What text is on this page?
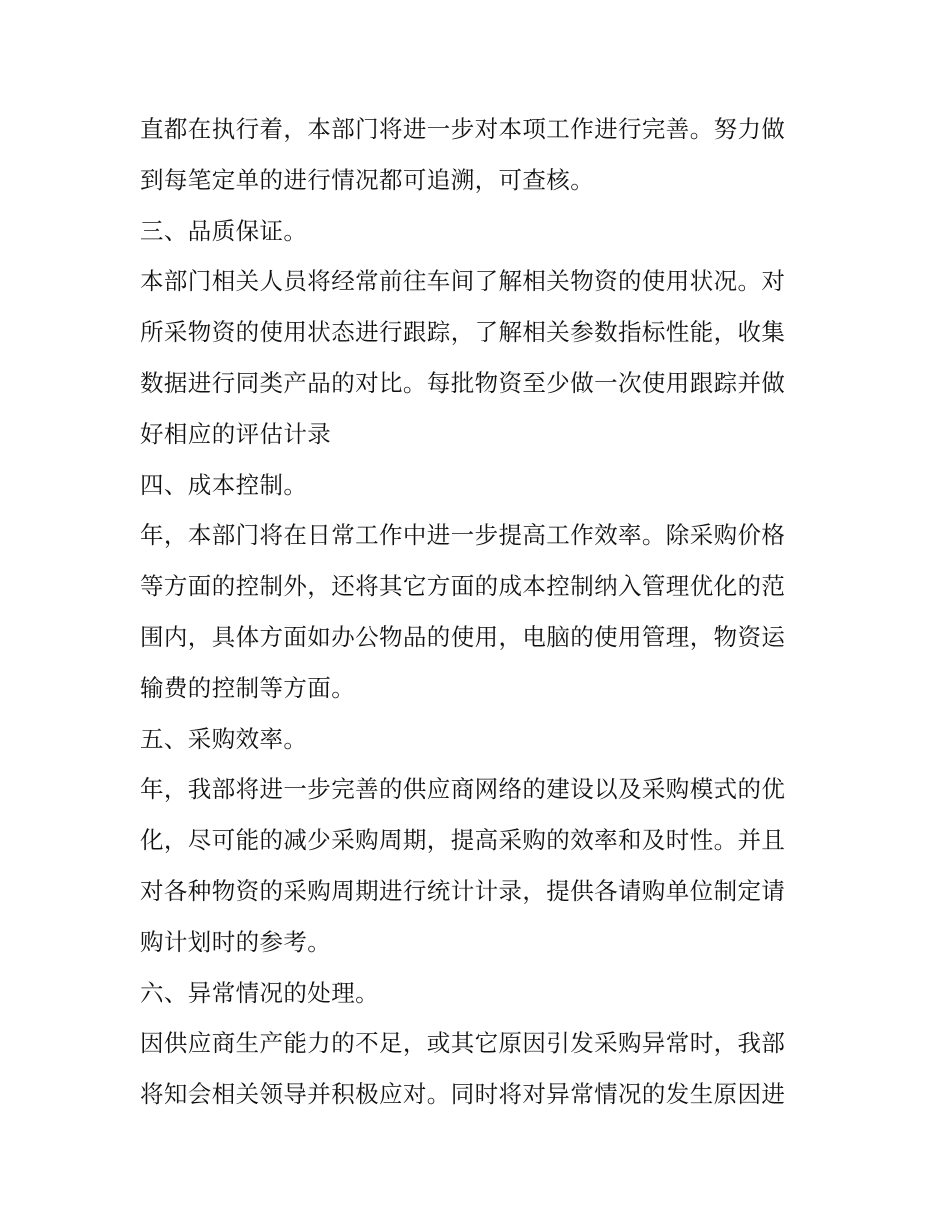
直都在执行着，本部门将进一步对本项工作进行完善。努力做
到每笔定单的进行情况都可追溯，可查核。
三、品质保证。
本部门相关人员将经常前往车间了解相关物资的使用状况。对
所采物资的使用状态进行跟踪，了解相关参数指标性能，收集
数据进行同类产品的对比。每批物资至少做一次使用跟踪并做
好相应的评估计录
四、成本控制。
年，本部门将在日常工作中进一步提高工作效率。除采购价格
等方面的控制外，还将其它方面的成本控制纳入管理优化的范
围内，具体方面如办公物品的使用，电脑的使用管理，物资运
输费的控制等方面。
五、采购效率。
年，我部将进一步完善的供应商网络的建设以及采购模式的优
化，尽可能的减少采购周期，提高采购的效率和及时性。并且
对各种物资的采购周期进行统计计录，提供各请购单位制定请
购计划时的参考。
六、异常情况的处理。
因供应商生产能力的不足，或其它原因引发采购异常时，我部
将知会相关领导并积极应对。同时将对异常情况的发生原因进
